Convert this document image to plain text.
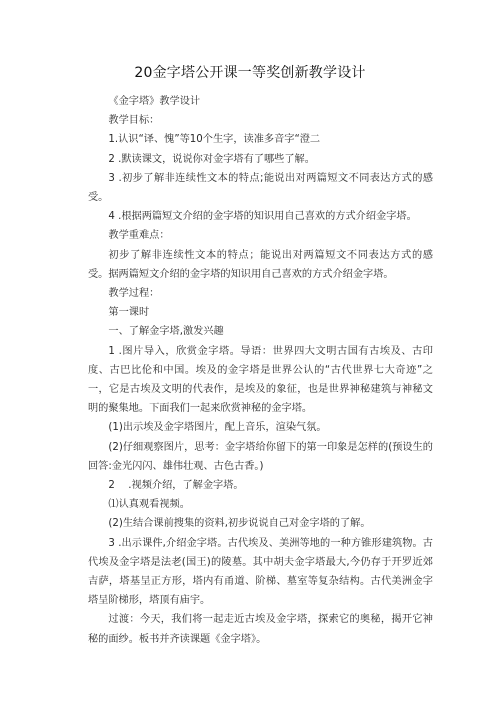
20金字塔公开课一等奖创新教学设计

《金字塔》教学设计

教学目标：

1.认识“译、愧”等10个生字，读准多音字“澄二

2 .默读课文，说说你对金字塔有了哪些了解。

3 .初步了解非连续性文本的特点;能说出对两篇短文不同表达方式的感受。

4 .根据两篇短文介绍的金字塔的知识用自己喜欢的方式介绍金字塔。

教学重难点：

初步了解非连续性文本的特点；能说出对两篇短文不同表达方式的感受。据两篇短文介绍的金字塔的知识用自己喜欢的方式介绍金字塔。

教学过程：

第一课时

一、了解金字塔,激发兴趣

1 .图片导入，欣赏金字塔。导语：世界四大文明古国有古埃及、古印度、古巴比伦和中国。埃及的金字塔是世界公认的“古代世界七大奇迹”之一，它是古埃及文明的代表作，是埃及的象征，也是世界神秘建筑与神秘文明的聚集地。下面我们一起来欣赏神秘的金字塔。

(1)出示埃及金字塔图片，配上音乐，渲染气氛。

(2)仔细观察图片，思考：金字塔给你留下的第一印象是怎样的(预设生的回答:金光闪闪、雄伟壮观、古色古香。)

2　 .视频介绍，了解金字塔。

⑴认真观看视频。

(2)生结合课前搜集的资料,初步说说自己对金字塔的了解。

3 .出示课件,介绍金字塔。古代埃及、美洲等地的一种方锥形建筑物。古代埃及金字塔是法老(国王)的陵墓。其中胡夫金字塔最大,今仍存于开罗近郊吉萨，塔基呈正方形，塔内有甬道、阶梯、墓室等复杂结构。古代美洲金字塔呈阶梯形，塔顶有庙宇。

过渡：今天，我们将一起走近古埃及金字塔，探索它的奥秘，揭开它神秘的面纱。板书并齐读课题《金字塔》。
